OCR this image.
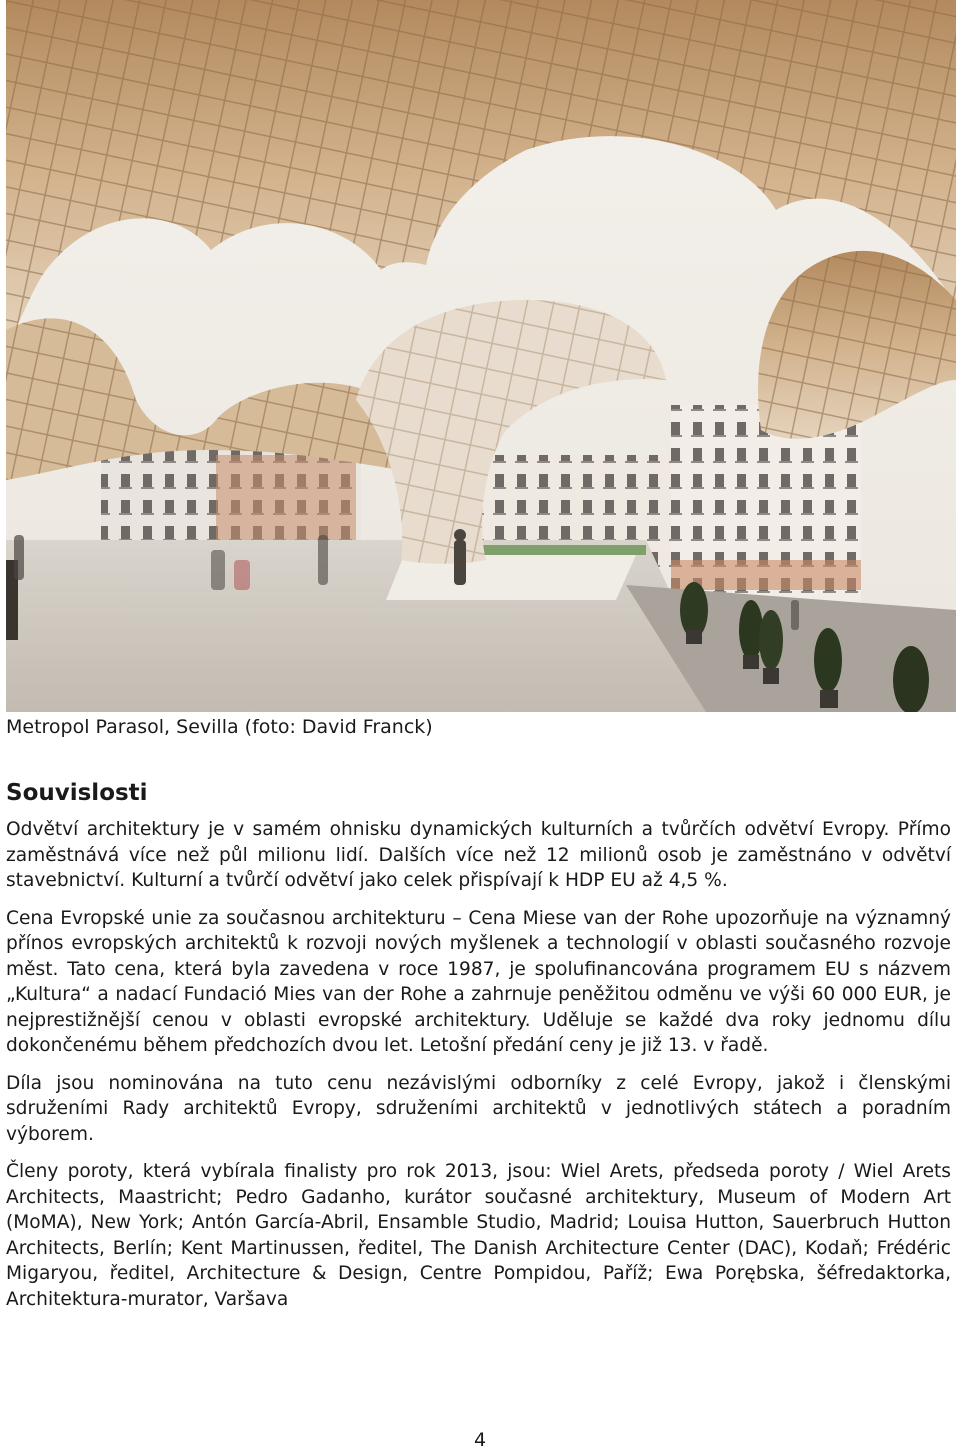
Metropol Parasol, Sevilla (foto: David Franck)
Souvislosti

Odvětví architektury je v samém ohnisku dynamických kulturních a tvůrčích odvětví Evropy. Přímo zaměstnává více než půl milionu lidí. Dalších více než 12 milionů osob je zaměstnáno v odvětví stavebnictví. Kulturní a tvůrčí odvětví jako celek přispívají k HDP EU až 4,5 %.

Cena Evropské unie za současnou architekturu – Cena Miese van der Rohe upozorňuje na významný přínos evropských architektů k rozvoji nových myšlenek a technologií v oblasti současného rozvoje měst. Tato cena, která byla zavedena v roce 1987, je spolufinancována programem EU s názvem „Kultura“ a nadací Fundació Mies van der Rohe a zahrnuje peněžitou odměnu ve výši 60 000 EUR, je nejprestižnější cenou v oblasti evropské architektury. Uděluje se každé dva roky jednomu dílu dokončenému během předchozích dvou let. Letošní předání ceny je již 13. v řadě.

Díla jsou nominována na tuto cenu nezávislými odborníky z celé Evropy, jakož i členskými sdruženími Rady architektů Evropy, sdruženími architektů v jednotlivých státech a poradním výborem.

Členy poroty, která vybírala finalisty pro rok 2013, jsou: Wiel Arets, předseda poroty / Wiel Arets Architects, Maastricht; Pedro Gadanho, kurátor současné architektury, Museum of Modern Art (MoMA), New York; Antón García-Abril, Ensamble Studio, Madrid; Louisa Hutton, Sauerbruch Hutton Architects, Berlín; Kent Martinussen, ředitel, The Danish Architecture Center (DAC), Kodaň; Frédéric Migaryou, ředitel, Architecture & Design, Centre Pompidou, Paříž; Ewa Porębska, šéfredaktorka, Architektura-murator, Varšava

4
